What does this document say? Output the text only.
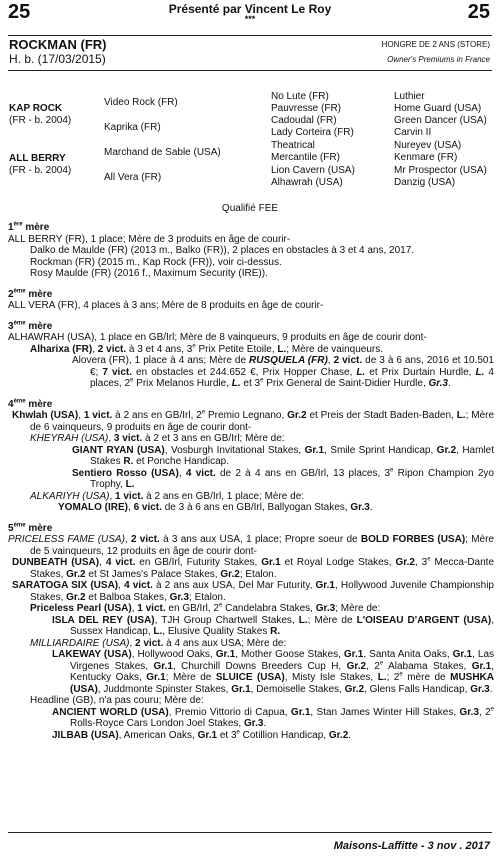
25	Présenté par Vincent Le Roy
***	25
ROCKMAN (FR)
H. b. (17/03/2015)
HONGRE DE 2 ANS (STORE)
Owner's Premiums in France
KAP ROCK
(FR - b. 2004)
ALL BERRY
(FR - b. 2004)
Video Rock (FR)
Kaprika (FR)
Marchand de Sable (USA)
All Vera (FR)
No Lute (FR)
Pauvresse (FR)
Cadoudal (FR)
Lady Corteira (FR)
Theatrical
Mercantile (FR)
Lion Cavern (USA)
Alhawrah (USA)
Luthier
Home Guard (USA)
Green Dancer (USA)
Carvin II
Nureyev (USA)
Kenmare (FR)
Mr Prospector (USA)
Danzig (USA)
Qualifié FEE
1ère mère
ALL BERRY (FR), 1 place; Mère de 3 produits en âge de courir-
Dalko de Maulde (FR) (2013 m., Balko (FR)), 2 places en obstacles à 3 et 4 ans, 2017.
Rockman (FR) (2015 m., Kap Rock (FR)), voir ci-dessus.
Rosy Maulde (FR) (2016 f., Maximum Security (IRE)).
2ème mère
ALL VERA (FR), 4 places à 3 ans; Mère de 8 produits en âge de courir-
3ème mère
ALHAWRAH (USA), 1 place en GB/Irl; Mère de 8 vainqueurs, 9 produits en âge de courir dont-
Alharixa (FR), 2 vict. à 3 et 4 ans, 3e Prix Petite Etoile, L.; Mère de vainqueurs.
Alovera (FR), 1 place à 4 ans; Mère de RUSQUELA (FR), 2 vict. de 3 à 6 ans, 2016 et 10.501 €; 7 vict. en obstacles et 244.652 €, Prix Hopper Chase, L. et Prix Durtain Hurdle, L. 4 places, 2e Prix Melanos Hurdle, L. et 3e Prix General de Saint-Didier Hurdle, Gr.3.
4ème mère
Khwlah (USA), 1 vict. à 2 ans en GB/Irl, 2e Premio Legnano, Gr.2 et Preis der Stadt Baden-Baden, L.; Mère de 6 vainqueurs, 9 produits en âge de courir dont-
KHEYRAH (USA), 3 vict. à 2 et 3 ans en GB/Irl; Mère de:
GIANT RYAN (USA), Vosburgh Invitational Stakes, Gr.1, Smile Sprint Handicap, Gr.2, Hamlet Stakes R. et Ponche Handicap.
Sentiero Rosso (USA), 4 vict. de 2 à 4 ans en GB/Irl, 13 places, 3e Ripon Champion 2yo Trophy, L.
ALKARIYH (USA), 1 vict. à 2 ans en GB/Irl, 1 place; Mère de:
YOMALO (IRE), 6 vict. de 3 à 6 ans en GB/Irl, Ballyogan Stakes, Gr.3.
5ème mère
PRICELESS FAME (USA), 2 vict. à 3 ans aux USA, 1 place; Propre soeur de BOLD FORBES (USA); Mère de 5 vainqueurs, 12 produits en âge de courir dont-
DUNBEATH (USA), 4 vict. en GB/Irl, Futurity Stakes, Gr.1 et Royal Lodge Stakes, Gr.2, 3e Mecca-Dante Stakes, Gr.2 et St James's Palace Stakes, Gr.2; Etalon.
SARATOGA SIX (USA), 4 vict. à 2 ans aux USA, Del Mar Futurity, Gr.1, Hollywood Juvenile Championship Stakes, Gr.2 et Balboa Stakes, Gr.3; Etalon.
Priceless Pearl (USA), 1 vict. en GB/Irl, 2e Candelabra Stakes, Gr.3; Mère de:
ISLA DEL REY (USA), TJH Group Chartwell Stakes, L.; Mère de L'OISEAU D'ARGENT (USA), Sussex Handicap, L., Elusive Quality Stakes R.
MILLIARDAIRE (USA), 2 vict. à 4 ans aux USA; Mère de:
LAKEWAY (USA), Hollywood Oaks, Gr.1, Mother Goose Stakes, Gr.1, Santa Anita Oaks, Gr.1, Las Virgenes Stakes, Gr.1, Churchill Downs Breeders Cup H, Gr.2, 2e Alabama Stakes, Gr.1, Kentucky Oaks, Gr.1; Mère de SLUICE (USA), Misty Isle Stakes, L.; 2e mère de MUSHKA (USA), Juddmonte Spinster Stakes, Gr.1, Demoiselle Stakes, Gr.2, Glens Falls Handicap, Gr.3.
Headline (GB), n'a pas couru; Mère de:
ANCIENT WORLD (USA), Premio Vittorio di Capua, Gr.1, Stan James Winter Hill Stakes, Gr.3, 2e Rolls-Royce Cars London Joel Stakes, Gr.3.
JILBAB (USA), American Oaks, Gr.1 et 3e Cotillion Handicap, Gr.2.
Maisons-Laffitte - 3 nov . 2017
